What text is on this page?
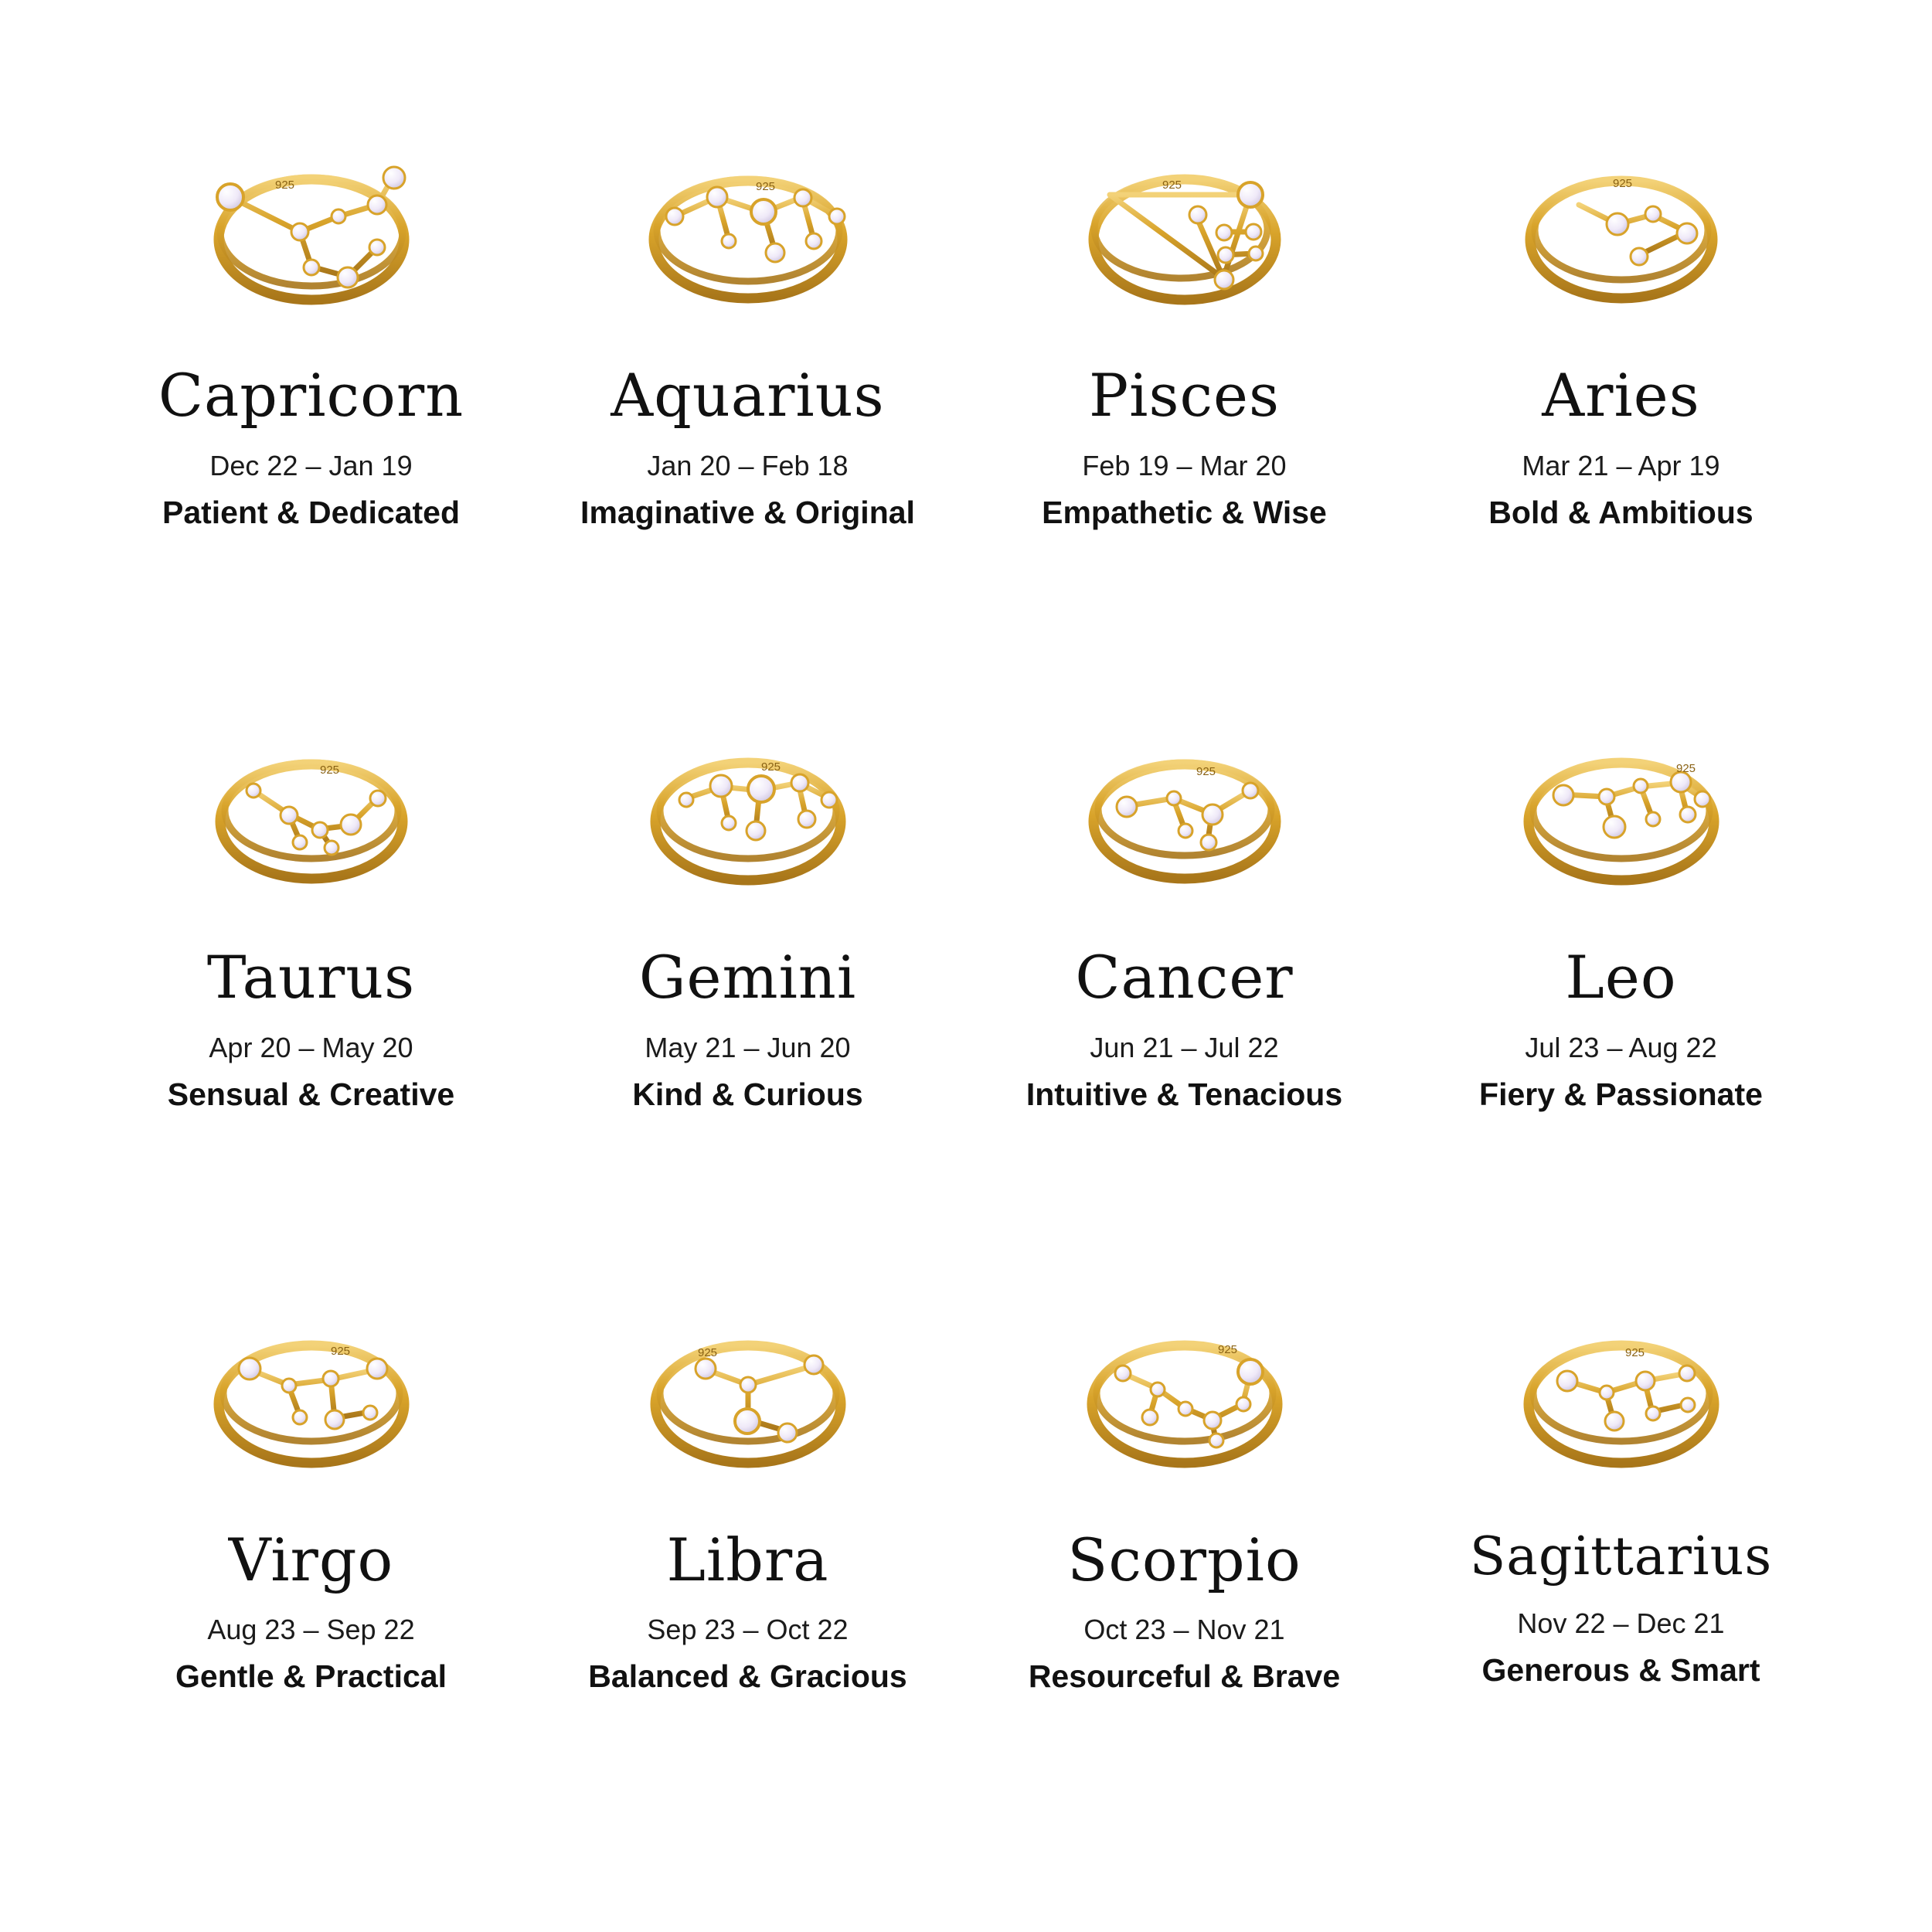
925
Capricorn
Dec 22 – Jan 19
Patient & Dedicated
925
Aquarius
Jan 20 – Feb 18
Imaginative & Original
925
Pisces
Feb 19 – Mar 20
Empathetic & Wise
925
Aries
Mar 21 – Apr 19
Bold & Ambitious
925
Taurus
Apr 20 – May 20
Sensual & Creative
925
Gemini
May 21 – Jun 20
Kind & Curious
925
Cancer
Jun 21 – Jul 22
Intuitive & Tenacious
925
Leo
Jul 23 – Aug 22
Fiery & Passionate
925
Virgo
Aug 23 – Sep 22
Gentle & Practical
925
Libra
Sep 23 – Oct 22
Balanced & Gracious
925
Scorpio
Oct 23 – Nov 21
Resourceful & Brave
925
Sagittarius
Nov 22 – Dec 21
Generous & Smart
